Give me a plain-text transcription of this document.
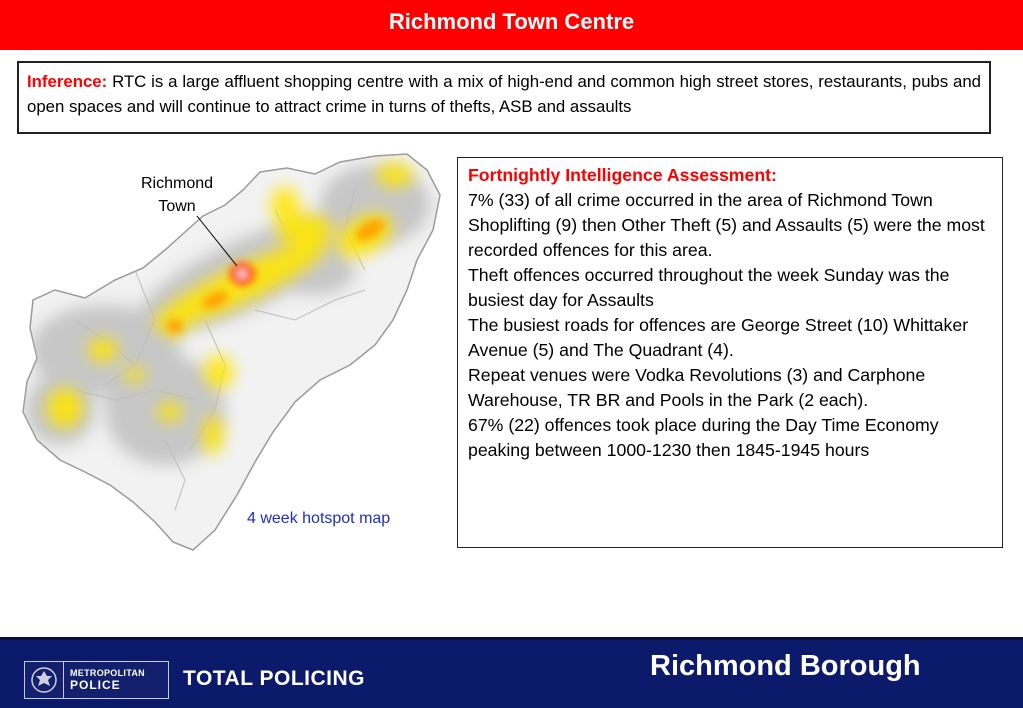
Richmond Town Centre
Inference: RTC is a large affluent shopping centre with a mix of high-end and common high street stores, restaurants, pubs and open spaces and will continue to attract crime in turns of thefts, ASB and assaults
Richmond
Town
4 week hotspot map
Fortnightly Intelligence Assessment:

7% (33) of all crime occurred in the area of Richmond Town

Shoplifting (9) then Other Theft (5) and Assaults (5) were the most recorded offences for this area.

Theft offences occurred throughout the week Sunday was the busiest day for Assaults

The busiest roads for offences are George Street (10) Whittaker Avenue (5) and The Quadrant (4).

Repeat venues were Vodka Revolutions (3) and Carphone Warehouse, TR BR and Pools in the Park (2 each).

67% (22) offences took place during the Day Time Economy peaking between 1000-1230 then 1845-1945 hours

METROPOLITAN
POLICE	TOTAL POLICING	Richmond Borough
